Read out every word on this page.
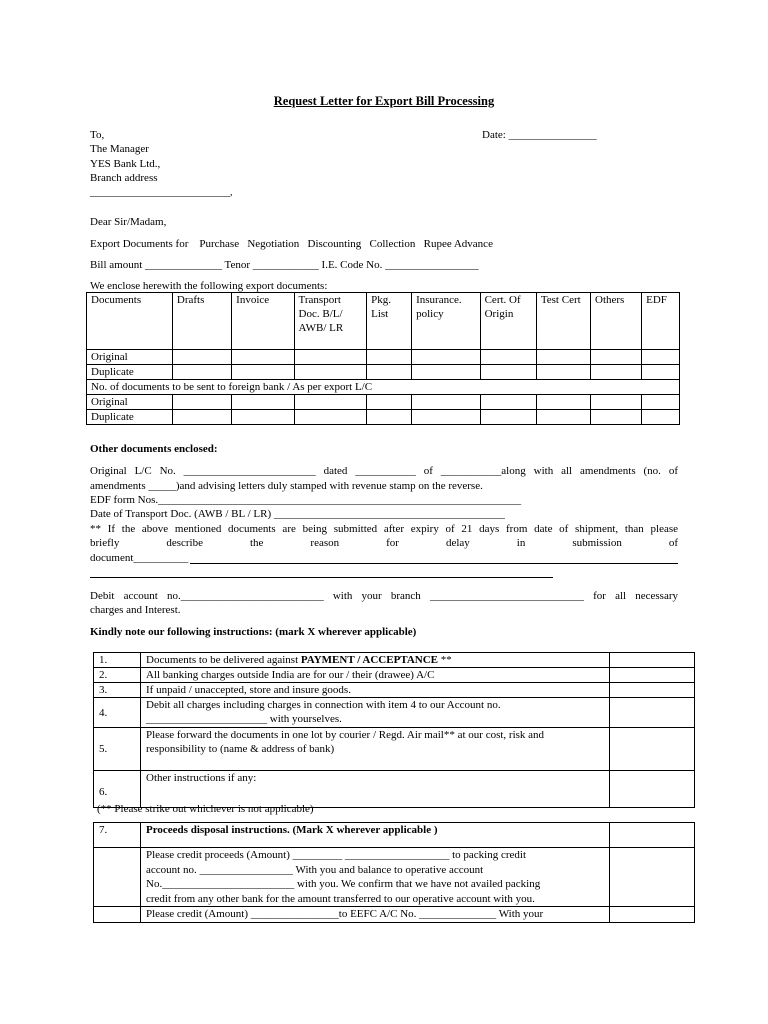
Request Letter for Export Bill Processing
To,
The Manager
YES Bank Ltd.,
Branch address
____________________________,
Date: ________________
Dear Sir/Madam,
Export Documents for    Purchase   Negotiation   Discounting   Collection   Rupee Advance
Bill amount ______________ Tenor ____________ I.E. Code No. _________________
We enclose herewith the following export documents:
Documents	Drafts	Invoice	Transport Doc. B/L/ AWB/ LR	Pkg. List	Insurance. policy	Cert. Of Origin	Test Cert	Others	EDF
Original									
Duplicate									
No. of documents to be sent to foreign bank / As per export L/C									
Original									
Duplicate									
Other documents enclosed:
Original L/C No. ________________________ dated ___________ of ___________along with all amendments (no. of
amendments _____)and advising letters duly stamped with revenue stamp on the reverse.
EDF form Nos.__________________________________________________________________
Date of Transport Doc. (AWB / BL / LR) __________________________________________
** If the above mentioned documents are being submitted after expiry of 21 days from date of shipment, than please
briefly describe the reason for delay in submission of
document__________
Debit account no.__________________________ with your branch ____________________________ for all necessary
charges and Interest.
Kindly note our following instructions: (mark X wherever applicable)
1.	Documents to be delivered against PAYMENT / ACCEPTANCE **	
2.	All banking charges outside India are for our / their (drawee) A/C	
3.	If unpaid / unaccepted, store and insure goods.	
4.	Debit all charges including charges in connection with item 4 to our Account no.
______________________ with yourselves.	

5.	Please forward the documents in one lot by courier / Regd. Air mail** at our cost, risk and
responsibility to (name & address of bank)	

6.	Other instructions if any:	
(** Please strike out whichever is not applicable)
7.	Proceeds disposal instructions. (Mark X wherever applicable )	

	Please credit proceeds (Amount) _________ ___________________ to packing credit
account no. _________________ With you and balance to operative account
No.________________________ with you. We confirm that we have not availed packing
credit from any other bank for the amount transferred to our operative account with you.	

	Please credit (Amount) ________________to EEFC A/C No. ______________ With your	
